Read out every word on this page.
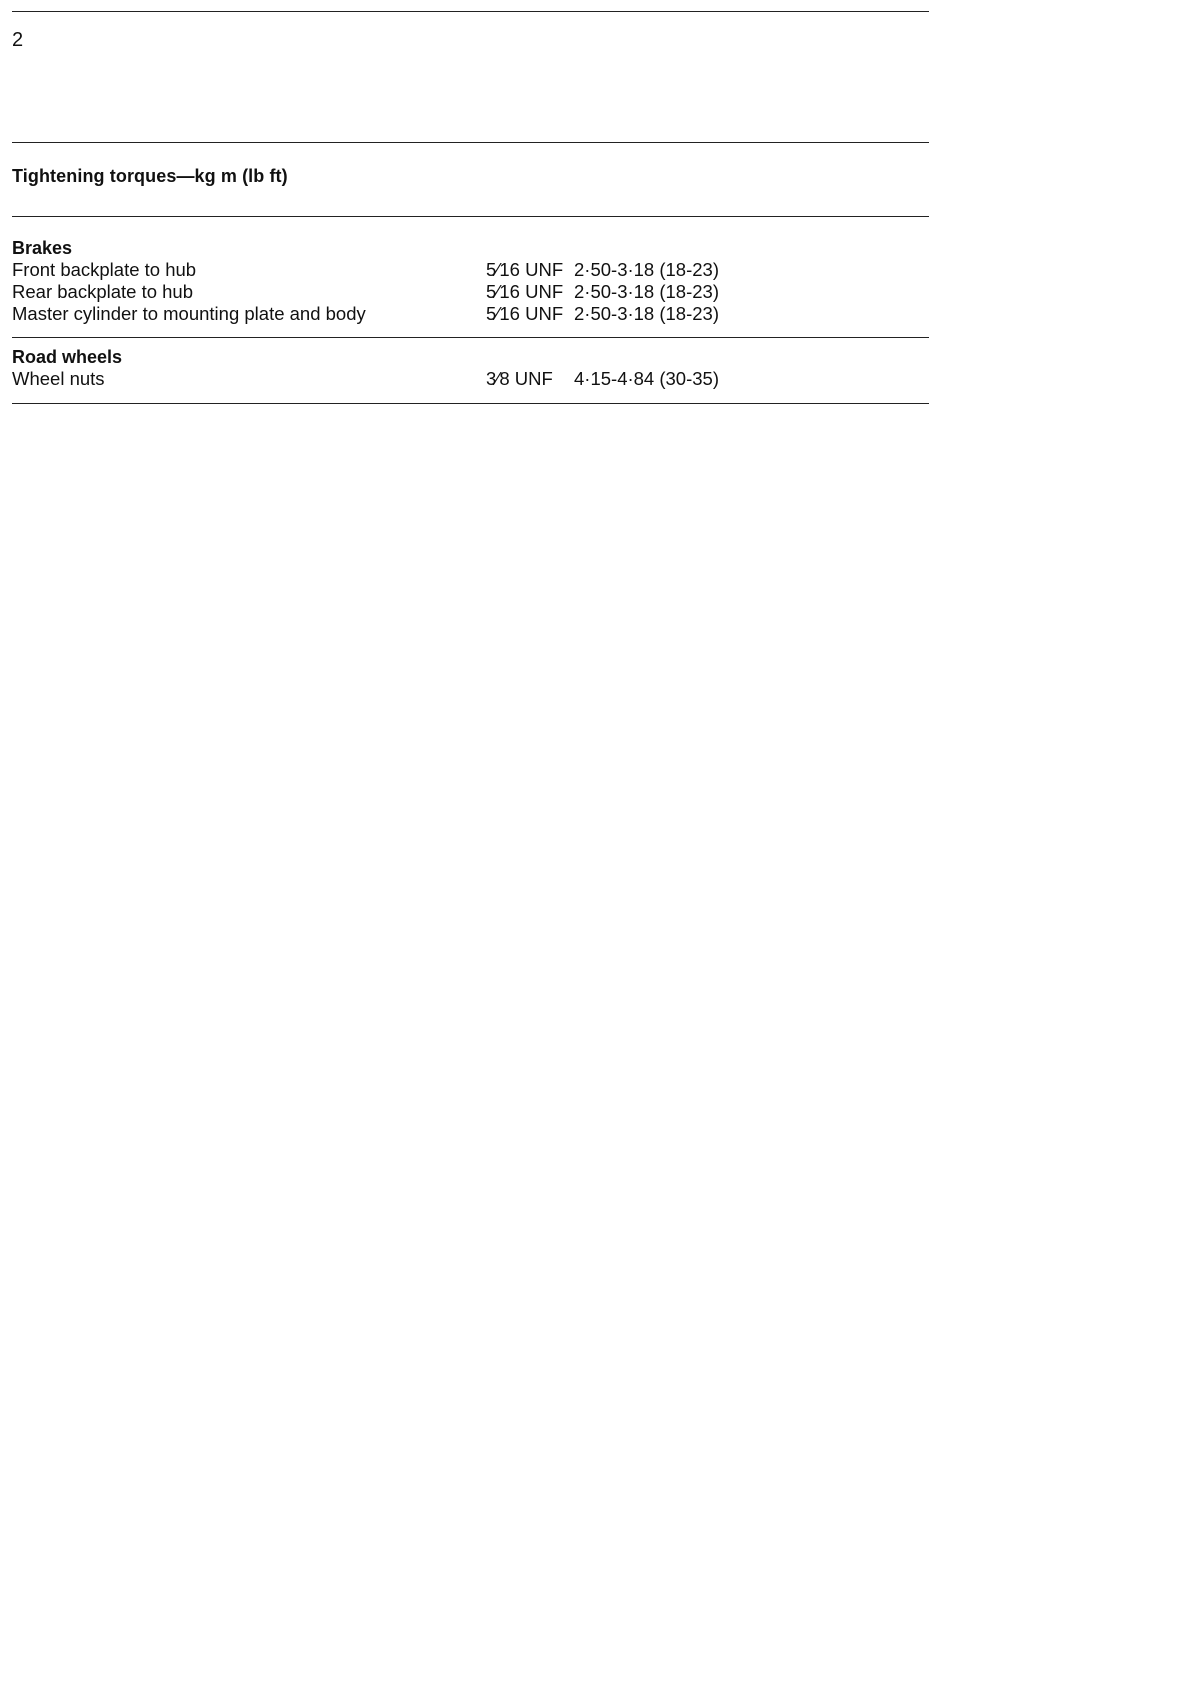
2
Tightening torques—kg m (lb ft)
Brakes
Front backplate to hub	5⁄16 UNF 2·50-3·18 (18-23)
Rear backplate to hub	5⁄16 UNF 2·50-3·18 (18-23)
Master cylinder to mounting plate and body	5⁄16 UNF 2·50-3·18 (18-23)
Road wheels
Wheel nuts	3⁄8 UNF 4·15-4·84 (30-35)
